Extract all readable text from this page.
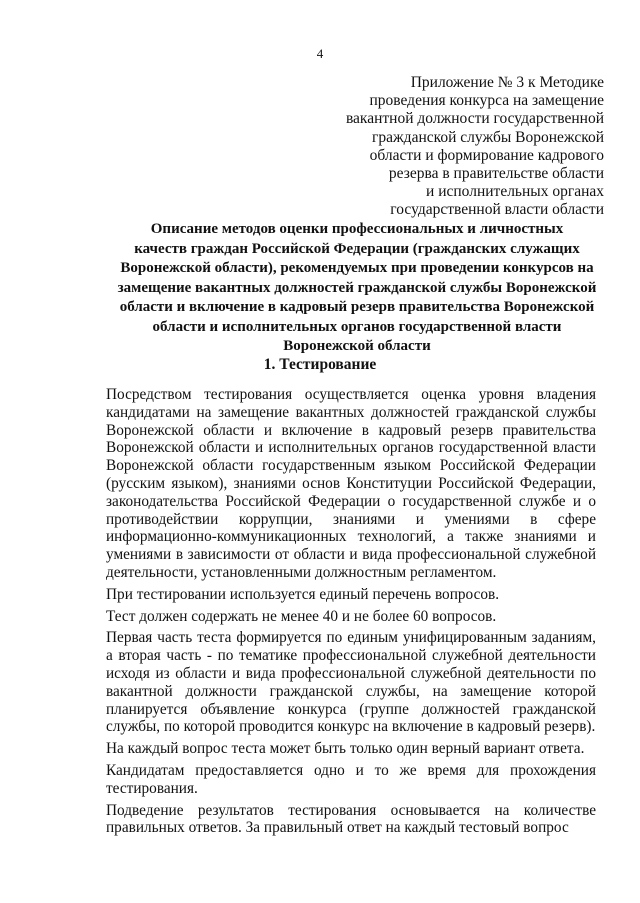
4
Приложение № 3 к Методике
проведения конкурса на замещение
вакантной должности государственной
гражданской службы Воронежской
области и формирование кадрового
резерва в правительстве области
и исполнительных органах
государственной власти области
Описание методов оценки профессиональных и личностных
качеств граждан Российской Федерации (гражданских служащих
Воронежской области), рекомендуемых при проведении конкурсов на
замещение вакантных должностей гражданской службы Воронежской
области и включение в кадровый резерв правительства Воронежской
области и исполнительных органов государственной власти
Воронежской области
1. Тестирование

Посредством тестирования осуществляется оценка уровня владения кандидатами на замещение вакантных должностей гражданской службы Воронежской области и включение в кадровый резерв правительства Воронежской области и исполнительных органов государственной власти Воронежской области государственным языком Российской Федерации (русским языком), знаниями основ Конституции Российской Федерации, законодательства Российской Федерации о государственной службе и о противодействии коррупции, знаниями и умениями в сфере информационно-коммуникационных технологий, а также знаниями и умениями в зависимости от области и вида профессиональной служебной деятельности, установленными должностным регламентом.

При тестировании используется единый перечень вопросов.

Тест должен содержать не менее 40 и не более 60 вопросов.

Первая часть теста формируется по единым унифицированным заданиям, а вторая часть - по тематике профессиональной служебной деятельности исходя из области и вида профессиональной служебной деятельности по вакантной должности гражданской службы, на замещение которой планируется объявление конкурса (группе должностей гражданской службы, по которой проводится конкурс на включение в кадровый резерв).

На каждый вопрос теста может быть только один верный вариант ответа.

Кандидатам предоставляется одно и то же время для прохождения тестирования.

Подведение результатов тестирования основывается на количестве правильных ответов. За правильный ответ на каждый тестовый вопрос
